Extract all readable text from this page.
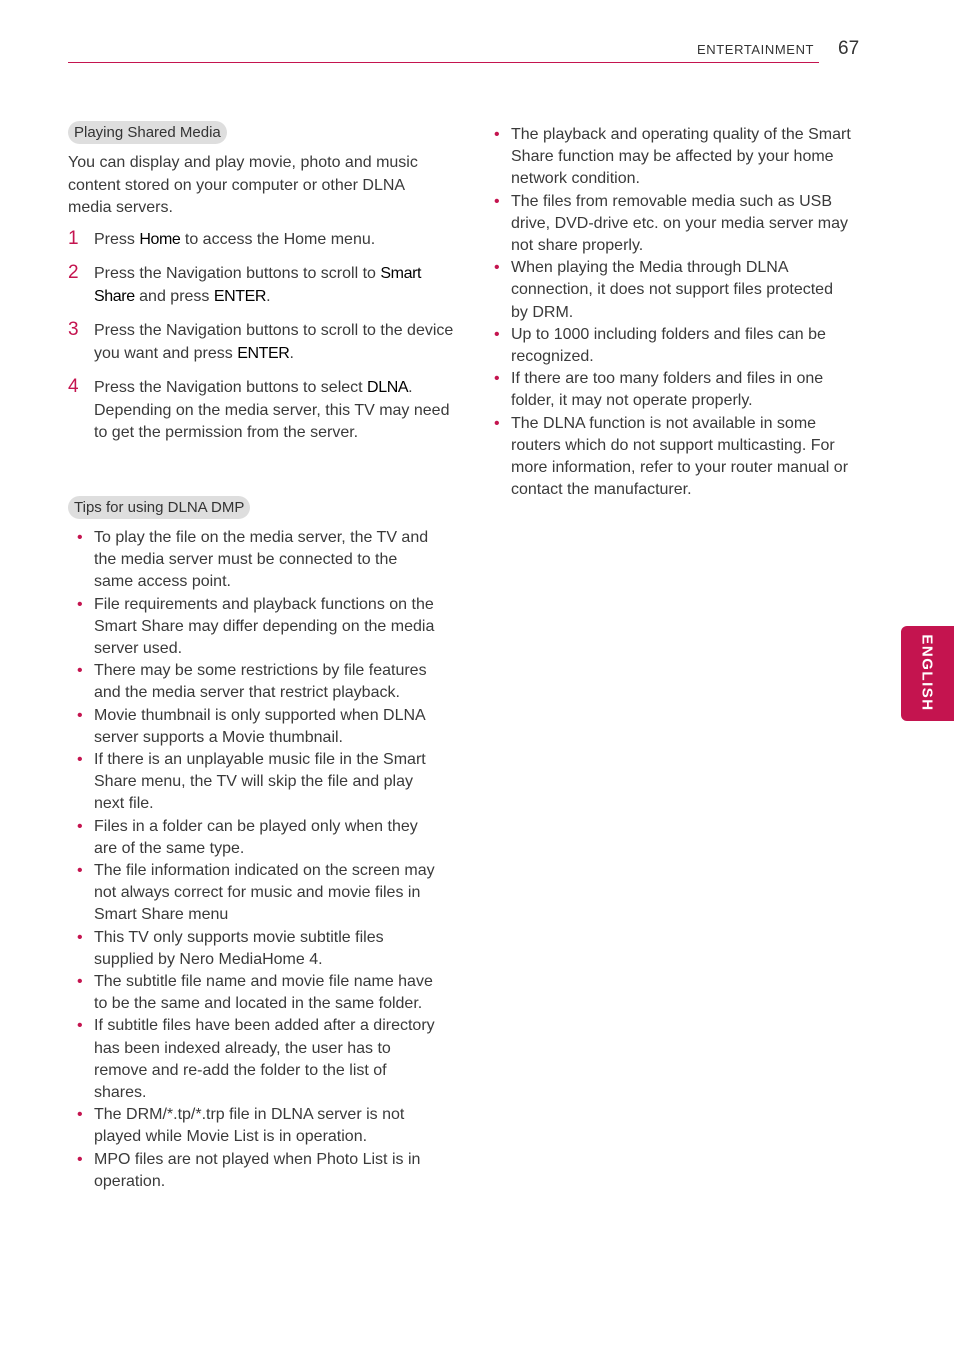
ENTERTAINMENT 67
ENGLISH
Playing Shared Media
You can display and play movie, photo and music content stored on your computer or other DLNA media servers.
1 Press Home to access the Home menu.
2 Press the Navigation buttons to scroll to Smart Share and press ENTER.
3 Press the Navigation buttons to scroll to the device you want and press ENTER.
4 Press the Navigation buttons to select DLNA. Depending on the media server, this TV may need to get the permission from the server.
Tips for using DLNA DMP
• To play the file on the media server, the TV and the media server must be connected to the same access point.
• File requirements and playback functions on the Smart Share may differ depending on the media server used.
• There may be some restrictions by file features and the media server that restrict playback.
• Movie thumbnail is only supported when DLNA server supports a Movie thumbnail.
• If there is an unplayable music file in the Smart Share menu, the TV will skip the file and play next file.
• Files in a folder can be played only when they are of the same type.
• The file information indicated on the screen may not always correct for music and movie files in Smart Share menu
• This TV only supports movie subtitle files supplied by Nero MediaHome 4.
• The subtitle file name and movie file name have to be the same and located in the same folder.
• If subtitle files have been added after a directory has been indexed already, the user has to remove and re-add the folder to the list of shares.
• The DRM/*.tp/*.trp file in DLNA server is not played while Movie List is in operation.
• MPO files are not played when Photo List is in operation.
• The playback and operating quality of the Smart Share function may be affected by your home network condition.
• The files from removable media such as USB drive, DVD-drive etc. on your media server may not share properly.
• When playing the Media through DLNA connection, it does not support files protected by DRM.
• Up to 1000 including folders and files can be recognized.
• If there are too many folders and files in one folder, it may not operate properly.
• The DLNA function is not available in some routers which do not support multicasting. For more information, refer to your router manual or contact the manufacturer.
